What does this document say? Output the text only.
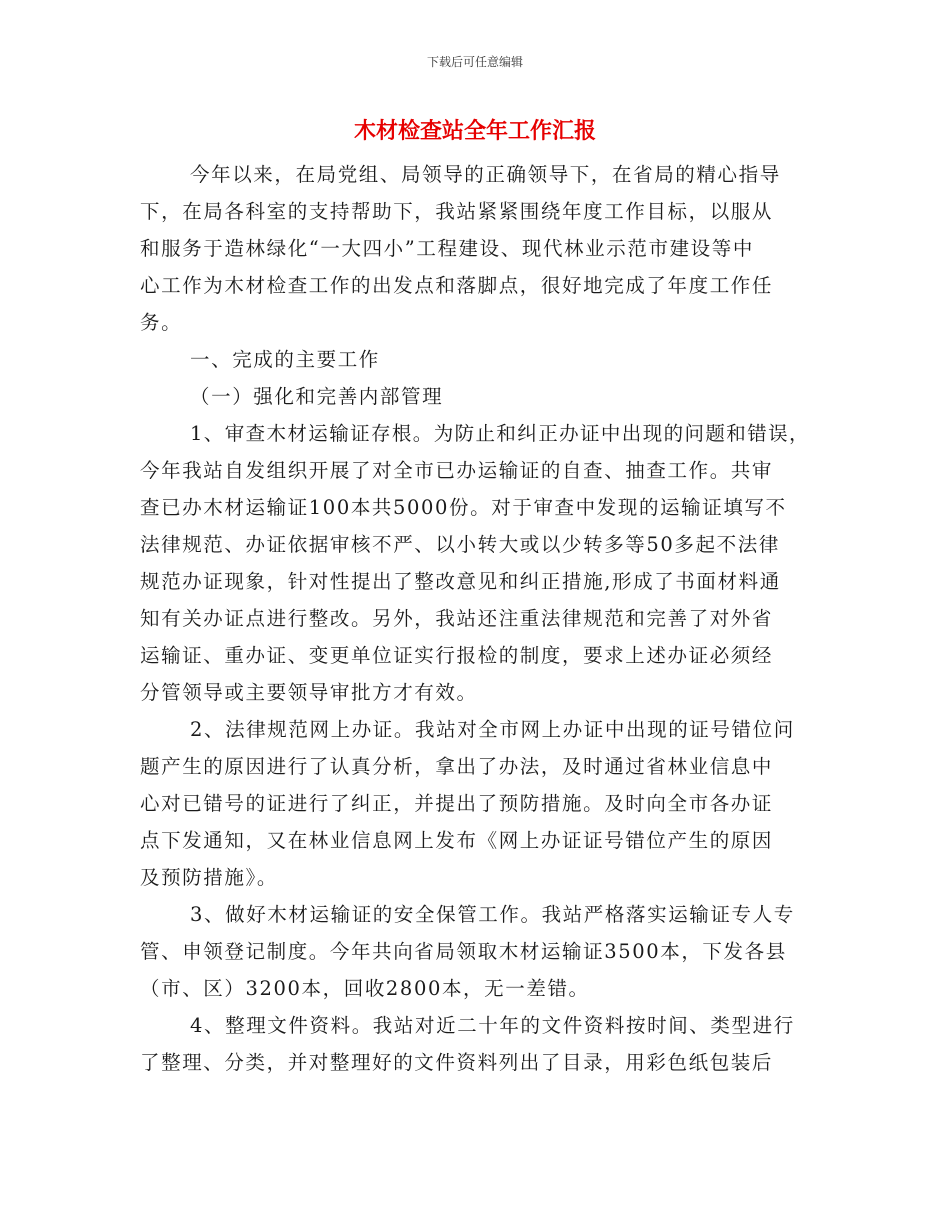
下载后可任意编辑
木材检查站全年工作汇报
今年以来，在局党组、局领导的正确领导下，在省局的精心指导
下，在局各科室的支持帮助下，我站紧紧围绕年度工作目标，以服从
和服务于造林绿化“一大四小”工程建设、现代林业示范市建设等中
心工作为木材检查工作的出发点和落脚点，很好地完成了年度工作任
务。
一、完成的主要工作
（一）强化和完善内部管理
1、审查木材运输证存根。为防止和纠正办证中出现的问题和错误，
今年我站自发组织开展了对全市已办运输证的自查、抽查工作。共审
查已办木材运输证100本共5000份。对于审查中发现的运输证填写不
法律规范、办证依据审核不严、以小转大或以少转多等50多起不法律
规范办证现象，针对性提出了整改意见和纠正措施,形成了书面材料通
知有关办证点进行整改。另外，我站还注重法律规范和完善了对外省
运输证、重办证、变更单位证实行报检的制度，要求上述办证必须经
分管领导或主要领导审批方才有效。
2、法律规范网上办证。我站对全市网上办证中出现的证号错位问
题产生的原因进行了认真分析，拿出了办法，及时通过省林业信息中
心对已错号的证进行了纠正，并提出了预防措施。及时向全市各办证
点下发通知，又在林业信息网上发布《网上办证证号错位产生的原因
及预防措施》。
3、做好木材运输证的安全保管工作。我站严格落实运输证专人专
管、申领登记制度。今年共向省局领取木材运输证3500本，下发各县
（市、区）3200本，回收2800本，无一差错。
4、整理文件资料。我站对近二十年的文件资料按时间、类型进行
了整理、分类，并对整理好的文件资料列出了目录，用彩色纸包装后
